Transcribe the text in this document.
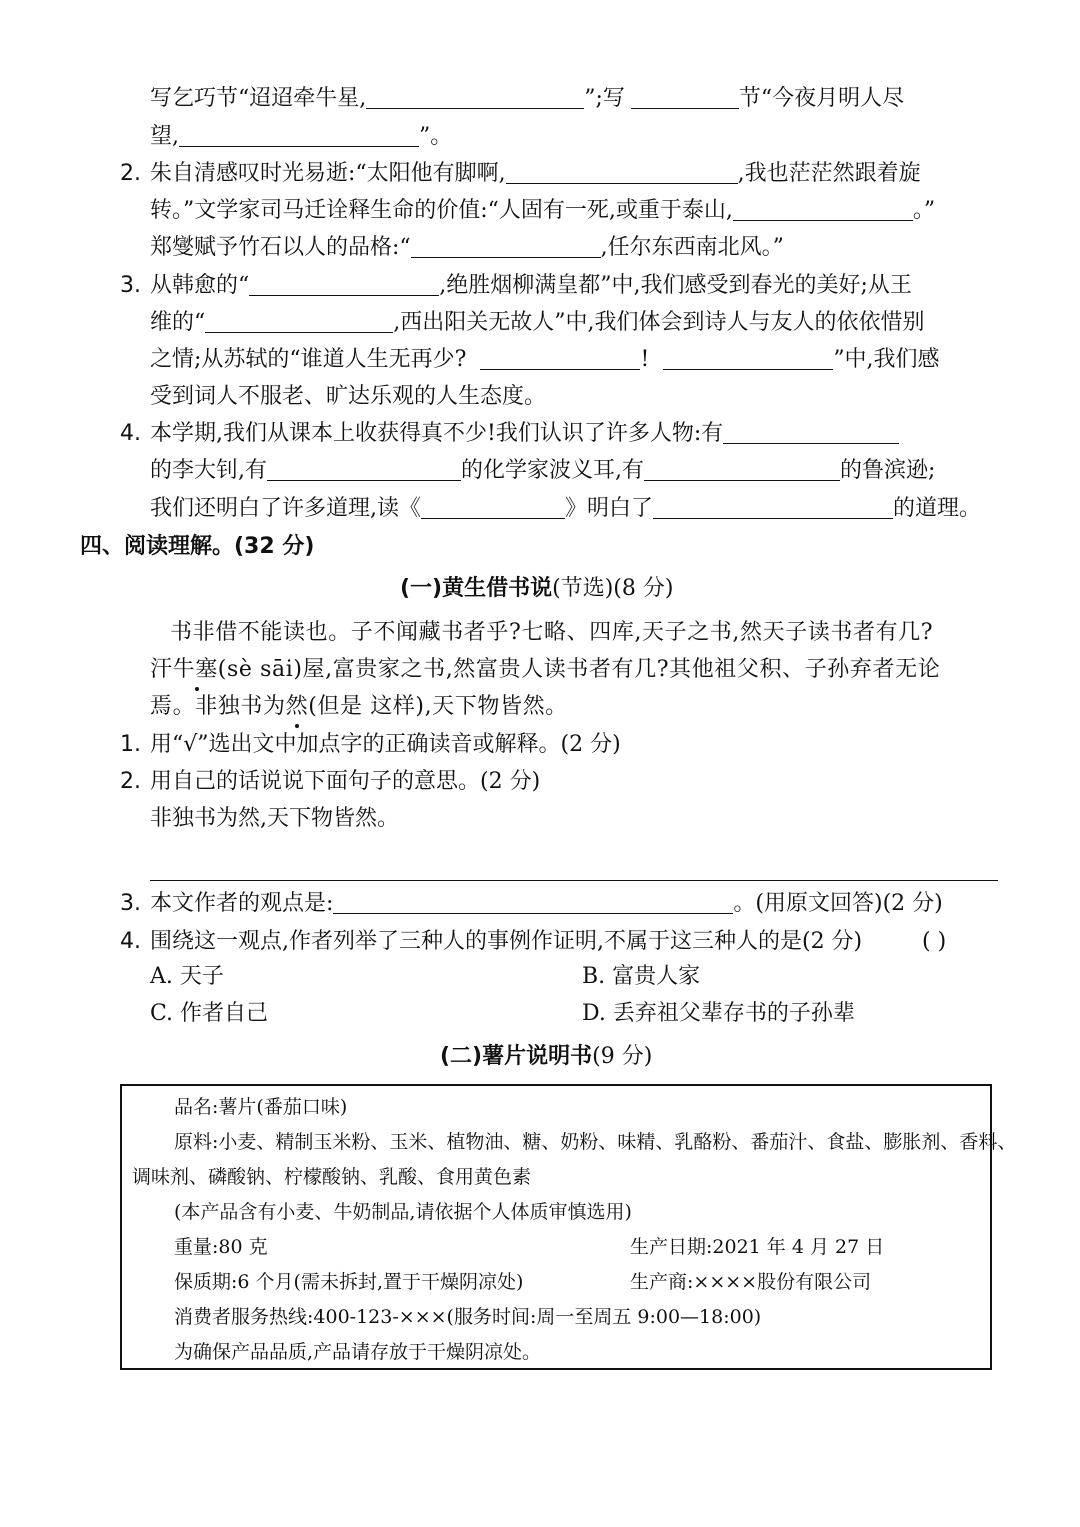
写乞巧节“迢迢牵牛星,	”;写	节“今夜月明人尽
望,	”。
2. 朱自清感叹时光易逝:“太阳他有脚啊,	,我也茫茫然跟着旋
转。”文学家司马迁诠释生命的价值:“人固有一死,或重于泰山,	。”
郑燮赋予竹石以人的品格:“	,任尔东西南北风。”
3. 从韩愈的“	,绝胜烟柳满皇都”中,我们感受到春光的美好;从王
维的“	,西出阳关无故人”中,我们体会到诗人与友人的依依惜别
之情;从苏轼的“谁道人生无再少?	!	”中,我们感
受到词人不服老、旷达乐观的人生态度。
4. 本学期,我们从课本上收获得真不少!我们认识了许多人物:有
的李大钊,有	的化学家波义耳,有	的鲁滨逊;
我们还明白了许多道理,读《	》明白了	的道理。
四、阅读理解。(32 分)
(一)黄生借书说(节选)(8 分)
书非借不能读也。子不闻藏书者乎?七略、四库,天子之书,然天子读书者有几?
汗牛塞(sè sāi)屋,富贵家之书,然富贵人读书者有几?其他祖父积、子孙弃者无论
焉。非独书为然(但是 这样),天下物皆然。
1. 用“√”选出文中加点字的正确读音或解释。(2 分)
2. 用自己的话说说下面句子的意思。(2 分)
非独书为然,天下物皆然。
3. 本文作者的观点是:	。(用原文回答)(2 分)
4. 围绕这一观点,作者列举了三种人的事例作证明,不属于这三种人的是(2 分)	( )
A. 天子	B. 富贵人家
C. 作者自己	D. 丢弃祖父辈存书的子孙辈
(二)薯片说明书(9 分)
品名:薯片(番茄口味)
原料:小麦、精制玉米粉、玉米、植物油、糖、奶粉、味精、乳酪粉、番茄汁、食盐、膨胀剂、香料、
调味剂、磷酸钠、柠檬酸钠、乳酸、食用黄色素
(本产品含有小麦、牛奶制品,请依据个人体质审慎选用)
重量:80 克	生产日期:2021 年 4 月 27 日
保质期:6 个月(需未拆封,置于干燥阴凉处)	生产商:××××股份有限公司
消费者服务热线:400-123-×××(服务时间:周一至周五 9:00—18:00)
为确保产品品质,产品请存放于干燥阴凉处。
